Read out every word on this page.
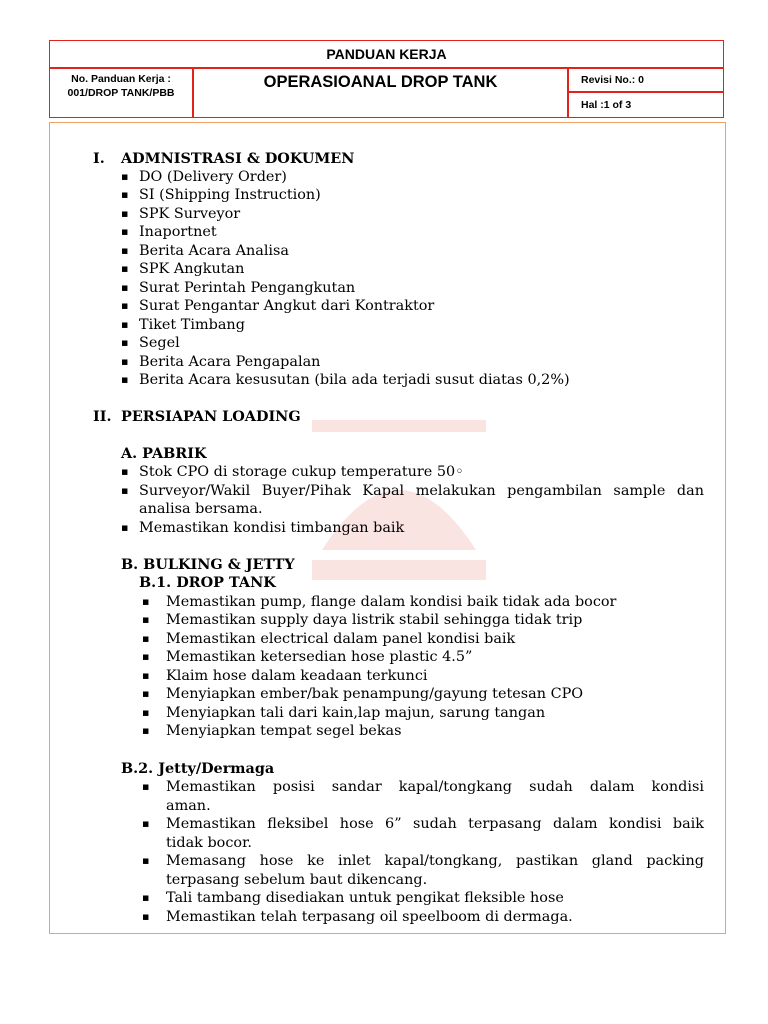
PANDUAN KERJA
No. Panduan Kerja :
001/DROP TANK/PBB
OPERASIOANAL DROP TANK	Revisi No.: 0
Hal :1 of 3
I. ADMNISTRASI & DOKUMEN
▪ DO (Delivery Order)
▪ SI (Shipping Instruction)
▪ SPK Surveyor
▪ Inaportnet
▪ Berita Acara Analisa
▪ SPK Angkutan
▪ Surat Perintah Pengangkutan
▪ Surat Pengantar Angkut dari Kontraktor
▪ Tiket Timbang
▪ Segel
▪ Berita Acara Pengapalan
▪ Berita Acara kesusutan (bila ada terjadi susut diatas 0,2%)
II. PERSIAPAN LOADING
A. PABRIK
▪ Stok CPO di storage cukup temperature 50◦
▪ Surveyor/Wakil Buyer/Pihak Kapal melakukan pengambilan sample dan
analisa bersama.
▪ Memastikan kondisi timbangan baik
B. BULKING & JETTY
B.1. DROP TANK
▪ Memastikan pump, flange dalam kondisi baik tidak ada bocor
▪ Memastikan supply daya listrik stabil sehingga tidak trip
▪ Memastikan electrical dalam panel kondisi baik
▪ Memastikan ketersedian hose plastic 4.5”
▪ Klaim hose dalam keadaan terkunci
▪ Menyiapkan ember/bak penampung/gayung tetesan CPO
▪ Menyiapkan tali dari kain,lap majun, sarung tangan
▪ Menyiapkan tempat segel bekas
B.2. Jetty/Dermaga
▪ Memastikan posisi sandar kapal/tongkang sudah dalam kondisi
aman.
▪ Memastikan fleksibel hose 6” sudah terpasang dalam kondisi baik
tidak bocor.
▪ Memasang hose ke inlet kapal/tongkang, pastikan gland packing
terpasang sebelum baut dikencang.
▪ Tali tambang disediakan untuk pengikat fleksible hose
▪ Memastikan telah terpasang oil speelboom di dermaga.
